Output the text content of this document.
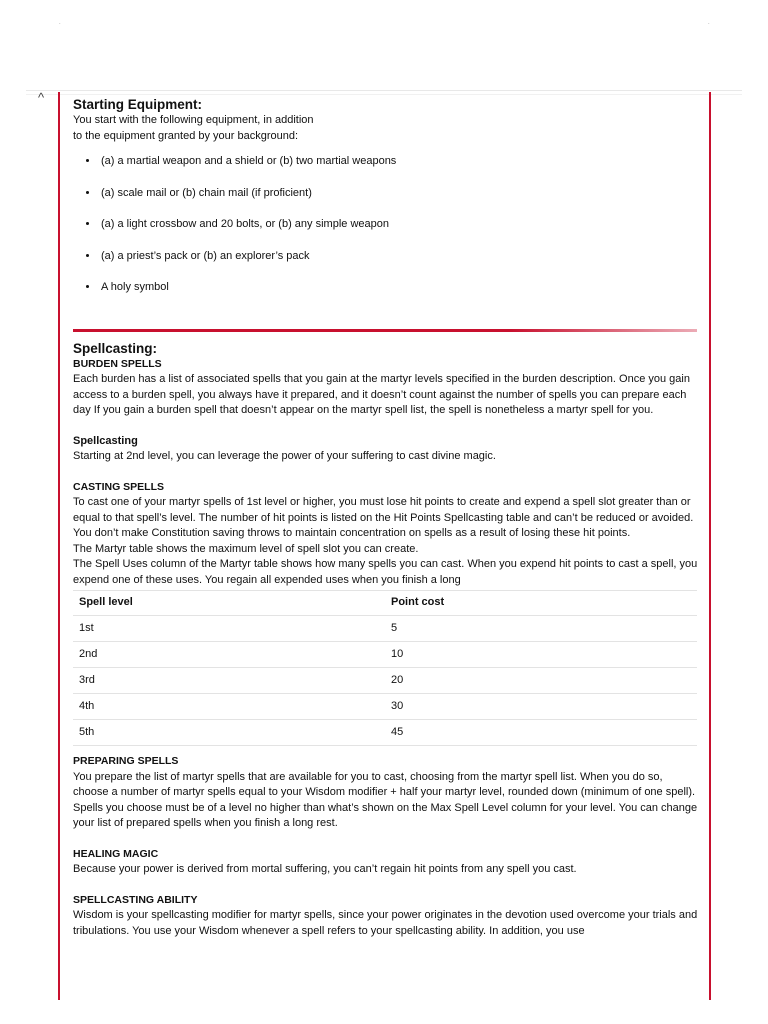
.	.
^ Starting Equipment:

You start with the following equipment, in addition

to the equipment granted by your background:

• (a) a martial weapon and a shield or (b) two martial weapons
• (a) scale mail or (b) chain mail (if proficient)
• (a) a light crossbow and 20 bolts, or (b) any simple weapon
• (a) a priest’s pack or (b) an explorer’s pack
• A holy symbol
Spellcasting:

BURDEN SPELLS

Each burden has a list of associated spells that you gain at the martyr levels specified in the burden description. Once you gain access to a burden spell, you always have it prepared, and it doesn’t count against the number of spells you can prepare each day If you gain a burden spell that doesn’t appear on the martyr spell list, the spell is nonetheless a martyr spell for you.

Spellcasting

Starting at 2nd level, you can leverage the power of your suffering to cast divine magic.

CASTING SPELLS

To cast one of your martyr spells of 1st level or higher, you must lose hit points to create and expend a spell slot greater than or equal to that spell’s level. The number of hit points is listed on the Hit Points Spellcasting table and can’t be reduced or avoided. You don’t make Constitution saving throws to maintain concentration on spells as a result of losing these hit points.

The Martyr table shows the maximum level of spell slot you can create.

The Spell Uses column of the Martyr table shows how many spells you can cast. When you expend hit points to cast a spell, you expend one of these uses. You regain all expended uses when you finish a long

Spell level	Point cost
1st	5
2nd	10
3rd	20
4th	30
5th	45

PREPARING SPELLS

You prepare the list of martyr spells that are available for you to cast, choosing from the martyr spell list. When you do so, choose a number of martyr spells equal to your Wisdom modifier + half your martyr level, rounded down (minimum of one spell). Spells you choose must be of a level no higher than what’s shown on the Max Spell Level column for your level. You can change your list of prepared spells when you finish a long rest.

HEALING MAGIC

Because your power is derived from mortal suffering, you can’t regain hit points from any spell you cast.

SPELLCASTING ABILITY

Wisdom is your spellcasting modifier for martyr spells, since your power originates in the devotion used overcome your trials and tribulations. You use your Wisdom whenever a spell refers to your spellcasting ability. In addition, you use
